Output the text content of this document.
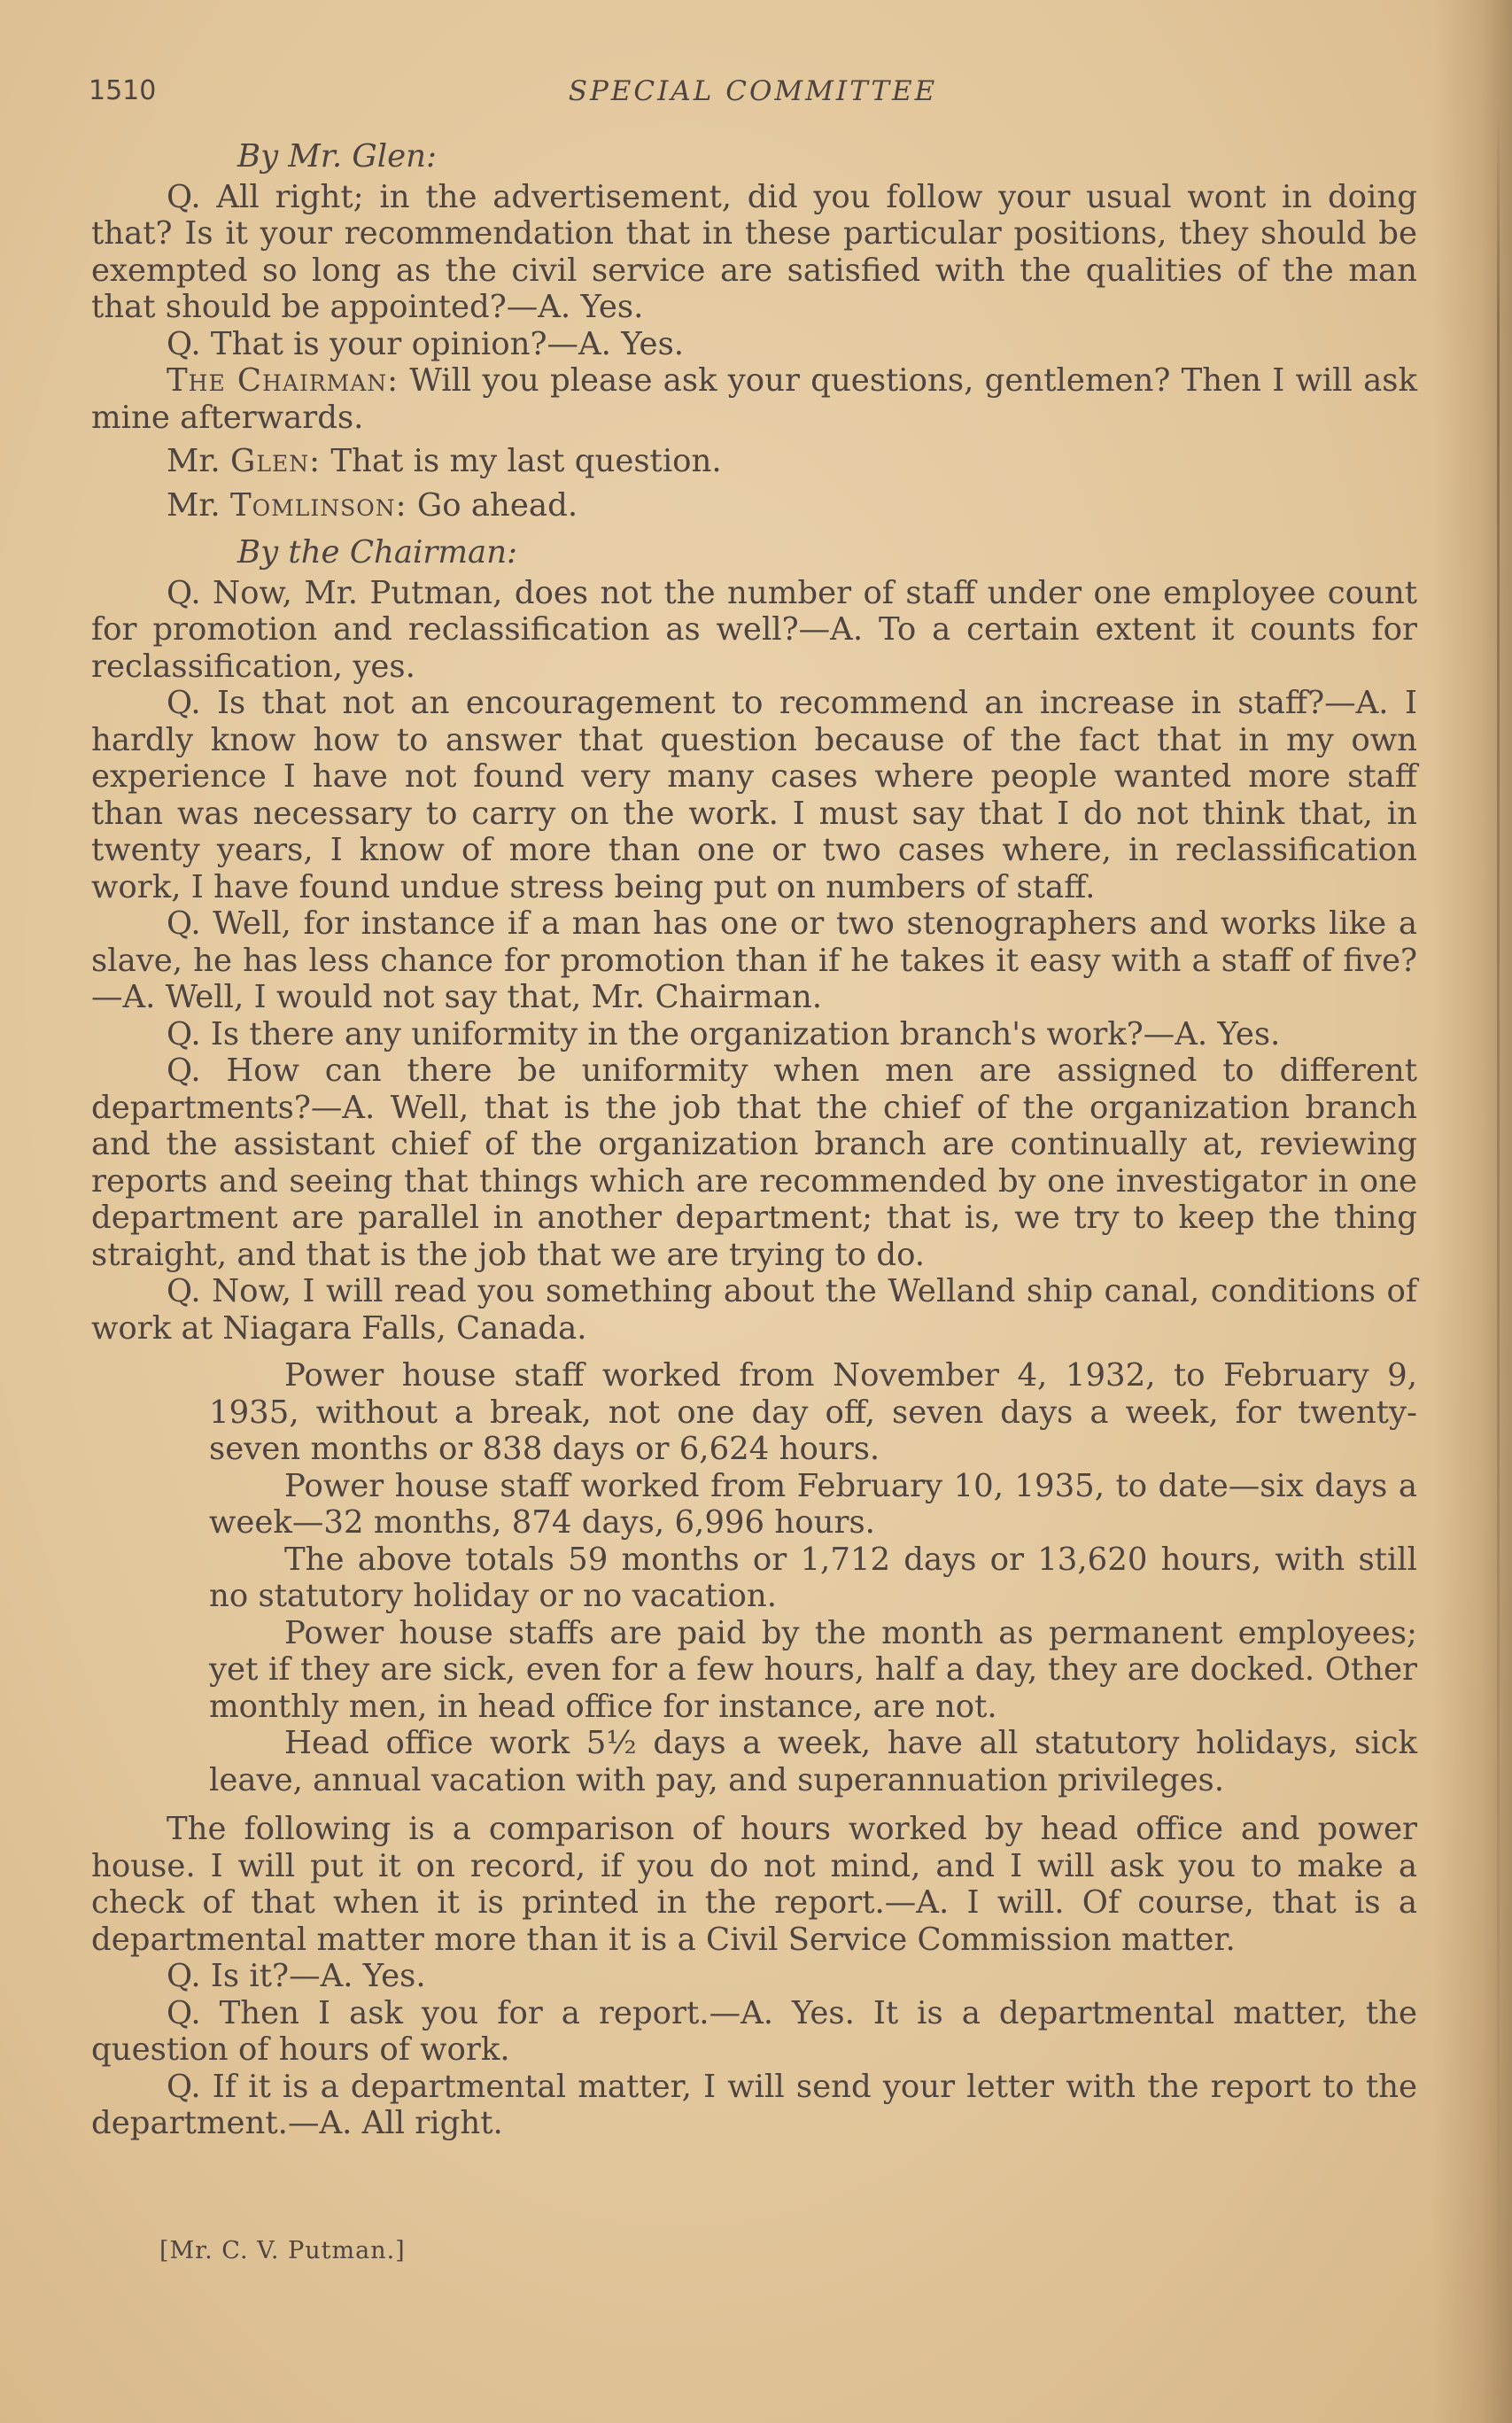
1510	SPECIAL COMMITTEE

By Mr. Glen:

Q. All right; in the advertisement, did you follow your usual wont in doing that? Is it your recommendation that in these particular positions, they should be exempted so long as the civil service are satisfied with the qualities of the man that should be appointed?—A. Yes.

Q. That is your opinion?—A. Yes.

The Chairman: Will you please ask your questions, gentlemen? Then I will ask mine afterwards.

Mr. Glen: That is my last question.

Mr. Tomlinson: Go ahead.

By the Chairman:

Q. Now, Mr. Putman, does not the number of staff under one employee count for promotion and reclassification as well?—A. To a certain extent it counts for reclassification, yes.

Q. Is that not an encouragement to recommend an increase in staff?—A. I hardly know how to answer that question because of the fact that in my own experience I have not found very many cases where people wanted more staff than was necessary to carry on the work. I must say that I do not think that, in twenty years, I know of more than one or two cases where, in reclassification work, I have found undue stress being put on numbers of staff.

Q. Well, for instance if a man has one or two stenographers and works like a slave, he has less chance for promotion than if he takes it easy with a staff of five?—A. Well, I would not say that, Mr. Chairman.

Q. Is there any uniformity in the organization branch's work?—A. Yes.

Q. How can there be uniformity when men are assigned to different departments?—A. Well, that is the job that the chief of the organization branch and the assistant chief of the organization branch are continually at, reviewing reports and seeing that things which are recommended by one investigator in one department are parallel in another department; that is, we try to keep the thing straight, and that is the job that we are trying to do.

Q. Now, I will read you something about the Welland ship canal, conditions of work at Niagara Falls, Canada.

Power house staff worked from November 4, 1932, to February 9, 1935, without a break, not one day off, seven days a week, for twenty-seven months or 838 days or 6,624 hours.

Power house staff worked from February 10, 1935, to date—six days a week—32 months, 874 days, 6,996 hours.

The above totals 59 months or 1,712 days or 13,620 hours, with still no statutory holiday or no vacation.

Power house staffs are paid by the month as permanent employees; yet if they are sick, even for a few hours, half a day, they are docked. Other monthly men, in head office for instance, are not.

Head office work 5½ days a week, have all statutory holidays, sick leave, annual vacation with pay, and superannuation privileges.

The following is a comparison of hours worked by head office and power house. I will put it on record, if you do not mind, and I will ask you to make a check of that when it is printed in the report.—A. I will. Of course, that is a departmental matter more than it is a Civil Service Commission matter.

Q. Is it?—A. Yes.

Q. Then I ask you for a report.—A. Yes. It is a departmental matter, the question of hours of work.

Q. If it is a departmental matter, I will send your letter with the report to the department.—A. All right.

[Mr. C. V. Putman.]
